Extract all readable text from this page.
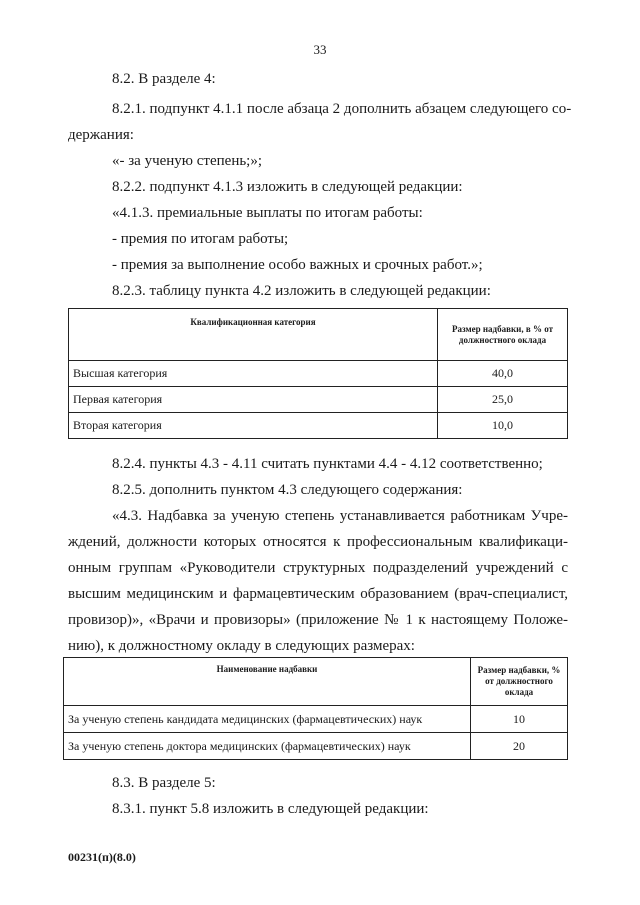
33
8.2. В разделе 4:
8.2.1. подпункт 4.1.1 после абзаца 2 дополнить абзацем следующего со-
держания:
«- за ученую степень;»;
8.2.2. подпункт 4.1.3 изложить в следующей редакции:
«4.1.3. премиальные выплаты по итогам работы:
- премия по итогам работы;
- премия за выполнение особо важных и срочных работ.»;
8.2.3. таблицу пункта 4.2 изложить в следующей редакции:
Квалификационная категория	Размер надбавки, в % от должностного оклада
Высшая категория	40,0
Первая категория	25,0
Вторая категория	10,0
8.2.4. пункты 4.3 - 4.11 считать пунктами 4.4 - 4.12 соответственно;
8.2.5. дополнить пунктом 4.3 следующего содержания:
«4.3. Надбавка за ученую степень устанавливается работникам Учре-
ждений, должности которых относятся к профессиональным квалификаци-
онным группам «Руководители структурных подразделений учреждений с
высшим медицинским и фармацевтическим образованием (врач-специалист,
провизор)», «Врачи и провизоры» (приложение № 1 к настоящему Положе-
нию), к должностному окладу в следующих размерах:
Наименование надбавки	Размер надбавки, % от должностного оклада
За ученую степень кандидата медицинских (фармацевтических) наук	10
За ученую степень доктора медицинских (фармацевтических) наук	20
8.3. В разделе 5:
8.3.1. пункт 5.8 изложить в следующей редакции:
00231(п)(8.0)
